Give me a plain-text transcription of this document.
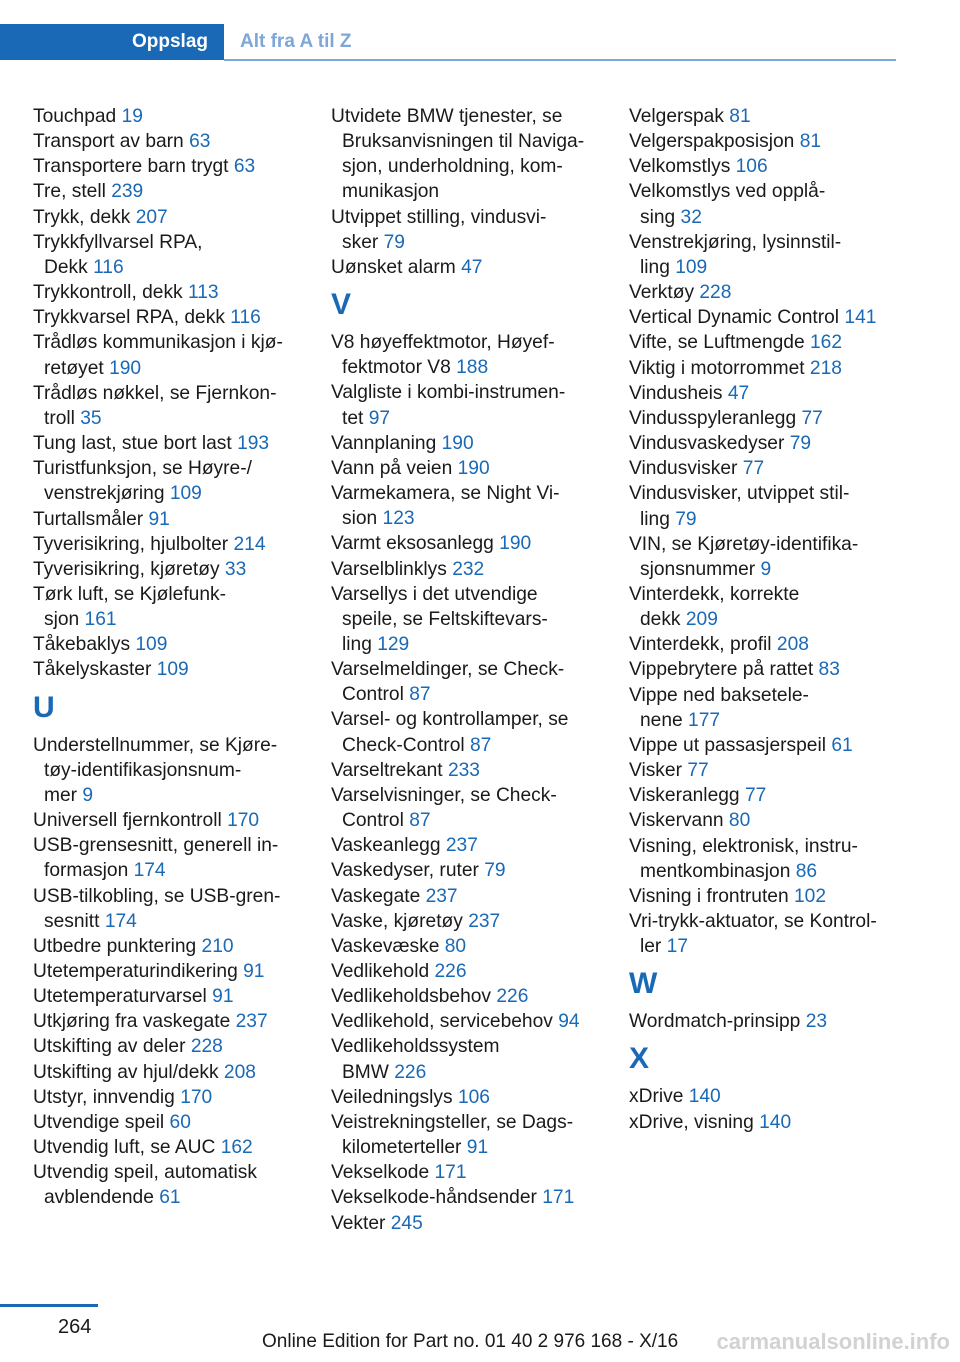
Oppslag	Alt fra A til Z
Touchpad 19
Transport av barn 63
Transportere barn trygt 63
Tre, stell 239
Trykk, dekk 207
Trykkfyllvarsel RPA,
Dekk 116
Trykkontroll, dekk 113
Trykkvarsel RPA, dekk 116
Trådløs kommunikasjon i kjø‐
retøyet 190
Trådløs nøkkel, se Fjernkon‐
troll 35
Tung last, stue bort last 193
Turistfunksjon, se Høyre-/
venstrekjøring 109
Turtallsmåler 91
Tyverisikring, hjulbolter 214
Tyverisikring, kjøretøy 33
Tørk luft, se Kjølefunk‐
sjon 161
Tåkebaklys 109
Tåkelyskaster 109
U
Understellnummer, se Kjøre‐
tøy-identifikasjonsnum‐
mer 9
Universell fjernkontroll 170
USB-grensesnitt, generell in‐
formasjon 174
USB-tilkobling, se USB-gren‐
sesnitt 174
Utbedre punktering 210
Utetemperaturindikering 91
Utetemperaturvarsel 91
Utkjøring fra vaskegate 237
Utskifting av deler 228
Utskifting av hjul/dekk 208
Utstyr, innvendig 170
Utvendige speil 60
Utvendig luft, se AUC 162
Utvendig speil, automatisk
avblendende 61
Utvidete BMW tjenester, se
Bruksanvisningen til Naviga‐
sjon, underholdning, kom‐
munikasjon
Utvippet stilling, vindusvi‐
sker 79
Uønsket alarm 47
V
V8 høyeffektmotor, Høyef‐
fektmotor V8 188
Valgliste i kombi-instrumen‐
tet 97
Vannplaning 190
Vann på veien 190
Varmekamera, se Night Vi‐
sion 123
Varmt eksosanlegg 190
Varselblinklys 232
Varsellys i det utvendige
speile, se Feltskiftevars‐
ling 129
Varselmeldinger, se Check-
Control 87
Varsel- og kontrollamper, se
Check-Control 87
Varseltrekant 233
Varselvisninger, se Check-
Control 87
Vaskeanlegg 237
Vaskedyser, ruter 79
Vaskegate 237
Vaske, kjøretøy 237
Vaskevæske 80
Vedlikehold 226
Vedlikeholdsbehov 226
Vedlikehold, servicebehov 94
Vedlikeholdssystem
BMW 226
Veiledningslys 106
Veistrekningsteller, se Dags‐
kilometerteller 91
Vekselkode 171
Vekselkode-håndsender 171
Vekter 245
Velgerspak 81
Velgerspakposisjon 81
Velkomstlys 106
Velkomstlys ved opplå‐
sing 32
Venstrekjøring, lysinnstil‐
ling 109
Verktøy 228
Vertical Dynamic Control 141
Vifte, se Luftmengde 162
Viktig i motorrommet 218
Vindusheis 47
Vindusspyleranlegg 77
Vindusvaskedyser 79
Vindusvisker 77
Vindusvisker, utvippet stil‐
ling 79
VIN, se Kjøretøy-identifika‐
sjonsnummer 9
Vinterdekk, korrekte
dekk 209
Vinterdekk, profil 208
Vippebrytere på rattet 83
Vippe ned baksetele‐
nene 177
Vippe ut passasjerspeil 61
Visker 77
Viskeranlegg 77
Viskervann 80
Visning, elektronisk, instru‐
mentkombinasjon 86
Visning i frontruten 102
Vri-trykk-aktuator, se Kontrol‐
ler 17
W
Wordmatch-prinsipp 23
X
xDrive 140
xDrive, visning 140
264
Online Edition for Part no. 01 40 2 976 168 - X/16 carmanualsonline.info
